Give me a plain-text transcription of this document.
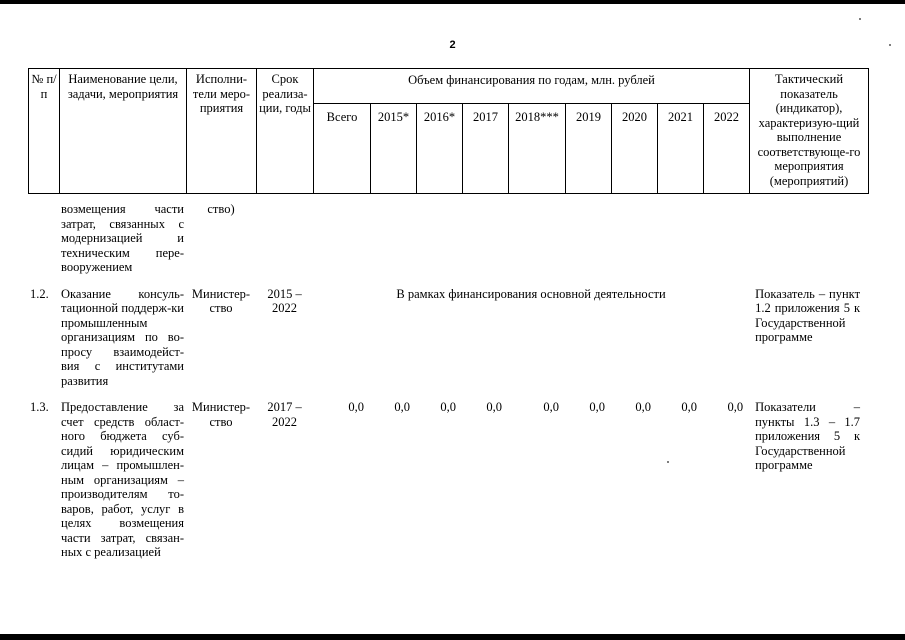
2
№ п/п	Наименование цели, задачи, мероприятия	Исполни-тели меро-приятия	Срок реализа-ции, годы	Объем финансирования по годам, млн. рублей									Тактический показатель (индикатор), характеризую-щий выполнение соответствующе-го мероприятия (мероприятий)
				Всего	2015*	2016*	2017	2018***	2019	2020	2021	2022	
	возмещения части затрат, связанных с модернизацией и техническим пере-вооружением	ство)											

1.2.	Оказание консуль-тационной поддерж-ки промышленным организациям по во-просу взаимодейст-вия с институтами развития	Министер-ство	2015 – 2022	В рамках финансирования основной деятельности									Показатель – пункт 1.2 приложения 5 к Государственной программе

1.3.	Предоставление за счет средств област-ного бюджета суб-сидий юридическим лицам – промышлен-ным организациям – производителям то-варов, работ, услуг в целях возмещения части затрат, связан-ных с реализацией	Министер-ство	2017 – 2022	0,0	0,0	0,0	0,0	0,0	0,0	0,0	0,0	0,0	Показатели – пункты 1.3 – 1.7 приложения 5 к Государственной программе
